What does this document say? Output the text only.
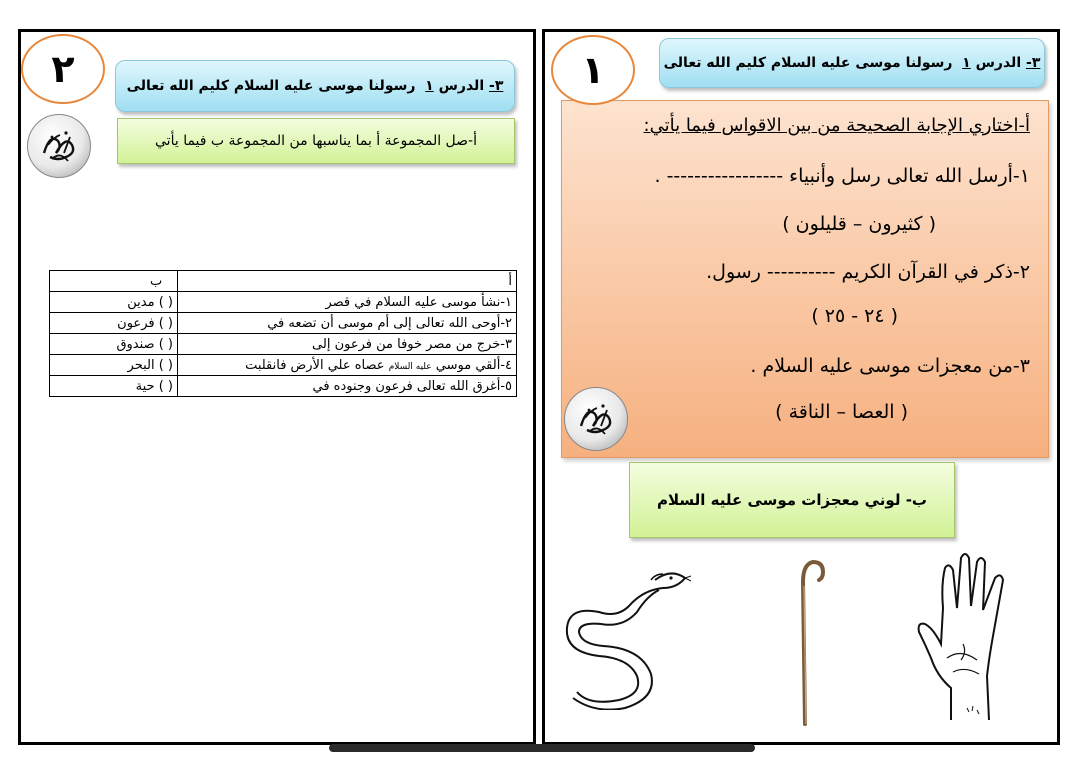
٢	٣-

الدرس

١

رسولنا موسى عليه السلام كليم الله تعالى
أ-صل المجموعة أ بما يناسبها من المجموعة ب فيما يأتي
أ	ب
١-نشأ موسى عليه السلام في قصر	( ) مدين
٢-أوحى الله تعالى إلى أم موسى أن تضعه في	( ) فرعون
٣-خرج من مصر خوفا من فرعون إلى	( ) صندوق
٤-ألقي موسي عليه السلام عصاه علي الأرض فانقلبت	( ) البحر
٥-أغرق الله تعالى فرعون وجنوده في	( ) حية
أ-اختاري الإجابة الصحيحة من بين الاقواس فيما يأتي:
١-أرسل الله تعالى رسل وأنبياء ----------------- .
( كثيرون – قليلون )
٢-ذكر في القرآن الكريم ---------- رسول.
( ٢٤ - ٢٥ )
٣-من معجزات موسى عليه السلام .
( العصا – الناقة )
٣-

الدرس

١

رسولنا موسى عليه السلام كليم الله تعالى
١
ب- لوني معجزات موسى عليه السلام
